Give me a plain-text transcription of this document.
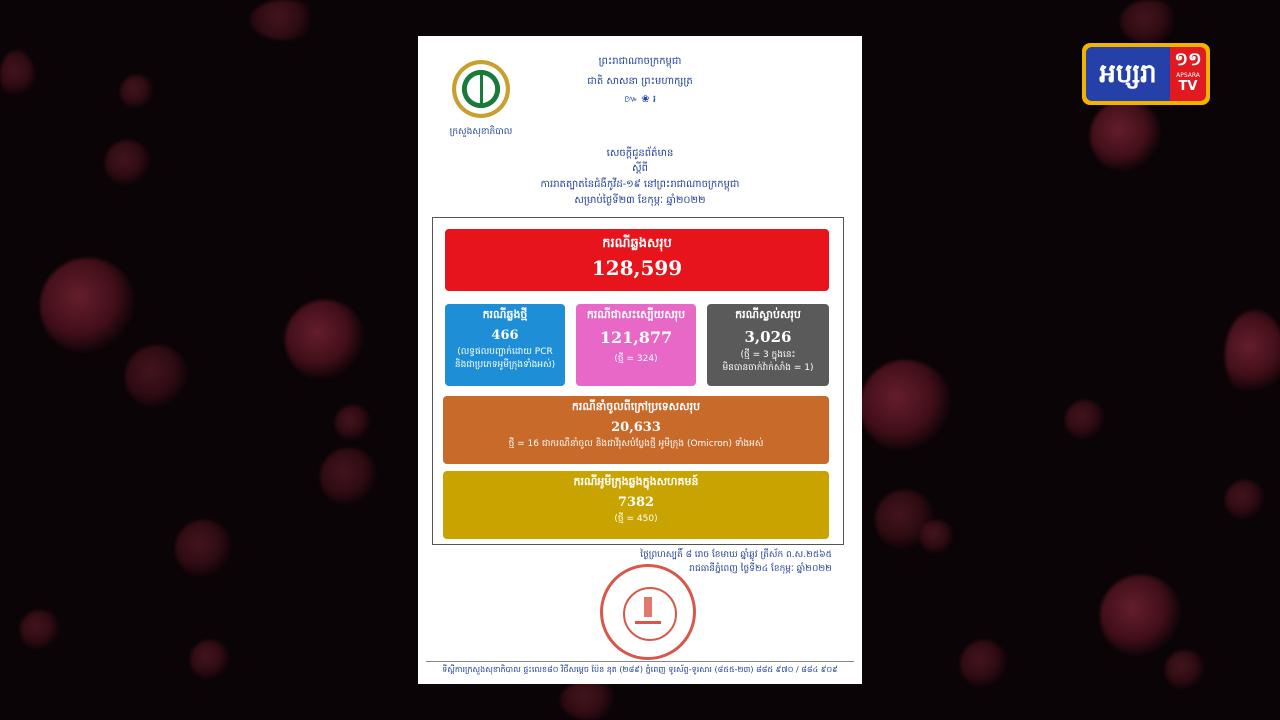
ក្រសួងសុខាភិបាល
ព្រះរាជាណាចក្រកម្ពុជា
ជាតិ សាសនា ព្រះមហាក្សត្រ
៚ ❀ ៛
សេចក្ដីជូនព័ត៌មាន
ស្ដីពី
ការរាតត្បាតនៃជំងឺកូវីដ-១៩ នៅព្រះរាជាណាចក្រកម្ពុជា
សម្រាប់ថ្ងៃទី២៣ ខែកុម្ភៈ ឆ្នាំ២០២២
ករណីឆ្លងសរុប
128,599
ករណីឆ្លងថ្មី
466
(លទ្ធផលបញ្ជាក់ដោយ PCR
និងជាប្រភេទអូមីក្រុងទាំងអស់)
ករណីជាសះស្បើយសរុប
121,877
(ថ្មី = 324)
ករណីស្លាប់សរុប
3,026
(ថ្មី = 3 ក្នុងនេះ
មិនបានចាក់វ៉ាក់សាំង = 1)
ករណីនាំចូលពីក្រៅប្រទេសសរុប
20,633
ថ្មី = 16 ជាករណីនាំចូល និងជាវីរុសបំប្លែងថ្មី អូមីក្រុង (Omicron) ទាំងអស់
ករណីអូមីក្រុងឆ្លងក្នុងសហគមន៍
7382
(ថ្មី = 450)
ថ្ងៃព្រហស្បតិ៍ ៨ រោច ខែមាឃ ឆ្នាំឆ្លូវ ត្រីស័ក ព.ស.២៥៦៥
រាជធានីភ្នំពេញ ថ្ងៃទី២៤ ខែកុម្ភៈ ឆ្នាំ២០២២
ទីស្ដីការក្រសួងសុខាភិបាល ផ្ទះលេខ៨០ វិថីសម្ដេច ប៉ែន នុត (២៨៩) ភ្នំពេញ ទូរស័ព្ទ-ទូរសារ (៨៥៥-២៣) ៨៨៥ ៩៧០ / ៨៨៤ ៩០៩
អប្សរា ១១
APSARA
TV
